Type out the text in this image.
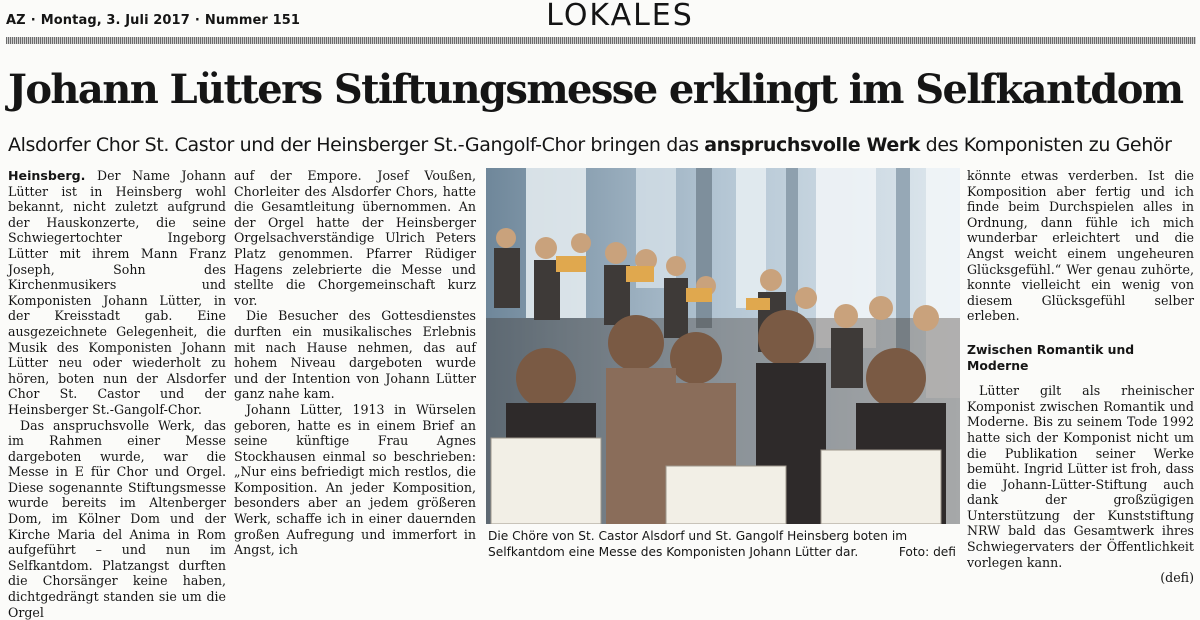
AZ · Montag, 3. Juli 2017 · Nummer 151	LOKALES
Johann Lütters Stiftungsmesse erklingt im Selfkantdom
Alsdorfer Chor St. Castor und der Heinsberger St.-Gangolf-Chor bringen das anspruchsvolle Werk des Komponisten zu Gehör

Heinsberg. Der Name Johann Lütter ist in Heinsberg wohl bekannt, nicht zuletzt aufgrund der Hauskonzerte, die seine Schwiegertochter Ingeborg Lütter mit ihrem Mann Franz Joseph, Sohn des Kirchenmusikers und Komponisten Johann Lütter, in der Kreisstadt gab. Eine ausgezeichnete Gelegenheit, die Musik des Komponisten Johann Lütter neu oder wiederholt zu hören, boten nun der Alsdorfer Chor St. Castor und der Heinsberger St.-Gangolf-Chor.

Das anspruchsvolle Werk, das im Rahmen einer Messe dargeboten wurde, war die Messe in E für Chor und Orgel. Diese sogenannte Stiftungsmesse wurde bereits im Altenberger Dom, im Kölner Dom und der Kirche Maria del Anima in Rom aufgeführt – und nun im Selfkantdom. Platzangst durften die Chorsänger keine haben, dichtgedrängt standen sie um die Orgel

auf der Empore. Josef Voußen, Chorleiter des Alsdorfer Chors, hatte die Gesamtleitung übernommen. An der Orgel hatte der Heinsberger Orgelsachverständige Ulrich Peters Platz genommen. Pfarrer Rüdiger Hagens zelebrierte die Messe und stellte die Chorgemeinschaft kurz vor.

Die Besucher des Gottesdienstes durften ein musikalisches Erlebnis mit nach Hause nehmen, das auf hohem Niveau dargeboten wurde und der Intention von Johann Lütter ganz nahe kam.

Johann Lütter, 1913 in Würselen geboren, hatte es in einem Brief an seine künftige Frau Agnes Stockhausen einmal so beschrieben: „Nur eins befriedigt mich restlos, die Komposition. An jeder Komposition, besonders aber an jedem größeren Werk, schaffe ich in einer dauernden großen Aufregung und immerfort in Angst, ich

Die Chöre von St. Castor Alsdorf und St. Gangolf Heinsberg boten im Selfkantdom eine Messe des Komponisten Johann Lütter dar.	Foto: defi

könnte etwas verderben. Ist die Komposition aber fertig und ich finde beim Durchspielen alles in Ordnung, dann fühle ich mich wunderbar erleichtert und die Angst weicht einem ungeheuren Glücksgefühl.“ Wer genau zuhörte, konnte vielleicht ein wenig von diesem Glücksgefühl selber erleben.

Zwischen Romantik und Moderne

Lütter gilt als rheinischer Komponist zwischen Romantik und Moderne. Bis zu seinem Tode 1992 hatte sich der Komponist nicht um die Publikation seiner Werke bemüht. Ingrid Lütter ist froh, dass die Johann-Lütter-Stiftung auch dank der großzügigen Unterstützung der Kunststiftung NRW bald das Gesamtwerk ihres Schwiegervaters der Öffentlichkeit vorlegen kann.

(defi)
